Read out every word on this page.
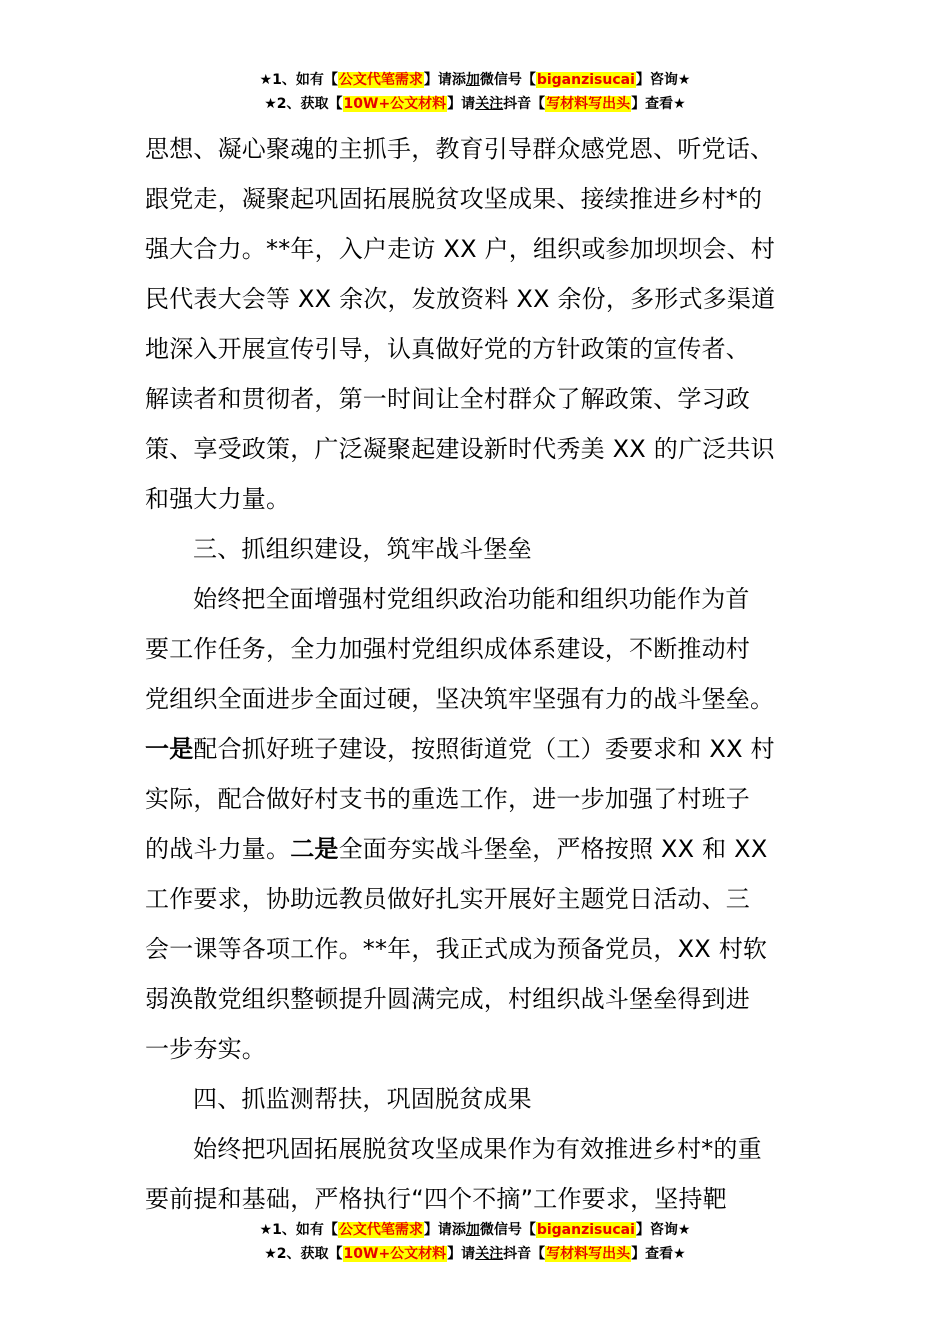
★1、如有【公文代笔需求】请添加微信号【biganzisucai】咨询★
★2、获取【10W+公文材料】请关注抖音【写材料写出头】查看★
思想、凝心聚魂的主抓手，教育引导群众感党恩、听党话、
跟党走，凝聚起巩固拓展脱贫攻坚成果、接续推进乡村*的
强大合力。**年，入户走访 XX 户，组织或参加坝坝会、村
民代表大会等 XX 余次，发放资料 XX 余份，多形式多渠道
地深入开展宣传引导，认真做好党的方针政策的宣传者、
解读者和贯彻者，第一时间让全村群众了解政策、学习政
策、享受政策，广泛凝聚起建设新时代秀美 XX 的广泛共识
和强大力量。
三、抓组织建设，筑牢战斗堡垒
始终把全面增强村党组织政治功能和组织功能作为首
要工作任务，全力加强村党组织成体系建设，不断推动村
党组织全面进步全面过硬，坚决筑牢坚强有力的战斗堡垒。
一是配合抓好班子建设，按照街道党（工）委要求和 XX 村
实际，配合做好村支书的重选工作，进一步加强了村班子
的战斗力量。二是全面夯实战斗堡垒，严格按照 XX 和 XX
工作要求，协助远教员做好扎实开展好主题党日活动、三
会一课等各项工作。**年，我正式成为预备党员，XX 村软
弱涣散党组织整顿提升圆满完成，村组织战斗堡垒得到进
一步夯实。
四、抓监测帮扶，巩固脱贫成果
始终把巩固拓展脱贫攻坚成果作为有效推进乡村*的重
要前提和基础，严格执行“四个不摘”工作要求，坚持靶
★1、如有【公文代笔需求】请添加微信号【biganzisucai】咨询★
★2、获取【10W+公文材料】请关注抖音【写材料写出头】查看★
